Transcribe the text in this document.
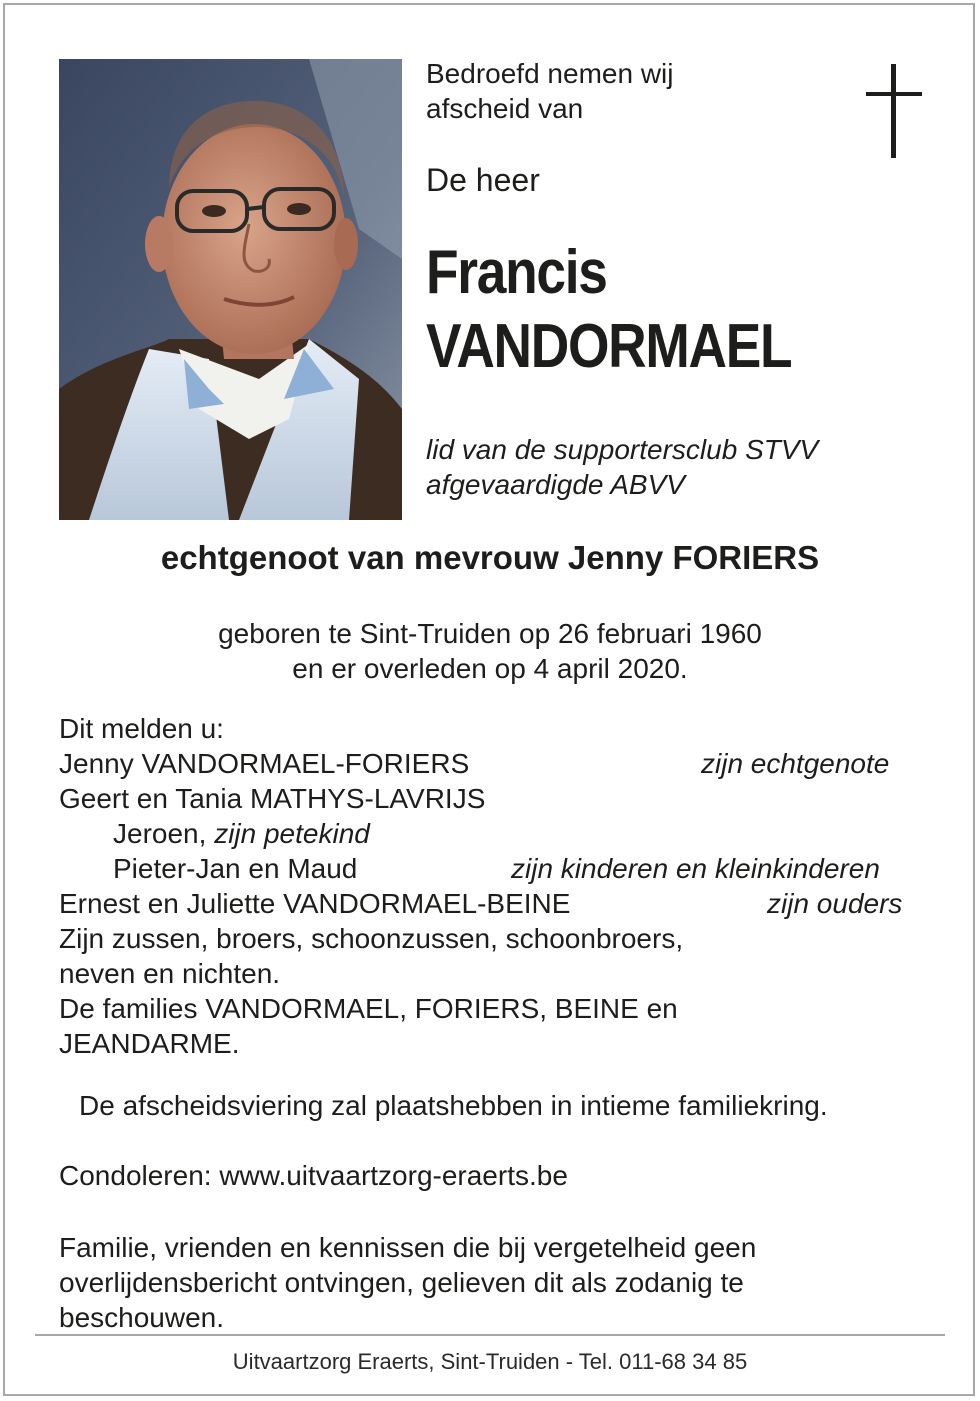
Bedroefd nemen wij
afscheid van
De heer
Francis
VANDORMAEL
lid van de supportersclub STVV
afgevaardigde ABVV
echtgenoot van mevrouw Jenny FORIERS
geboren te Sint-Truiden op 26 februari 1960
en er overleden op 4 april 2020.
Dit melden u:
Jenny VANDORMAEL-FORIERS	zijn echtgenote
Geert en Tania MATHYS-LAVRIJS
Jeroen, zijn petekind
Pieter-Jan en Maud	zijn kinderen en kleinkinderen
Ernest en Juliette VANDORMAEL-BEINE	zijn ouders
Zijn zussen, broers, schoonzussen, schoonbroers,
neven en nichten.
De families VANDORMAEL, FORIERS, BEINE en
JEANDARME.
De afscheidsviering zal plaatshebben in intieme familiekring.
Condoleren: www.uitvaartzorg-eraerts.be
Familie, vrienden en kennissen die bij vergetelheid geen
overlijdensbericht ontvingen, gelieven dit als zodanig te
beschouwen.
Uitvaartzorg Eraerts, Sint-Truiden - Tel. 011-68 34 85
